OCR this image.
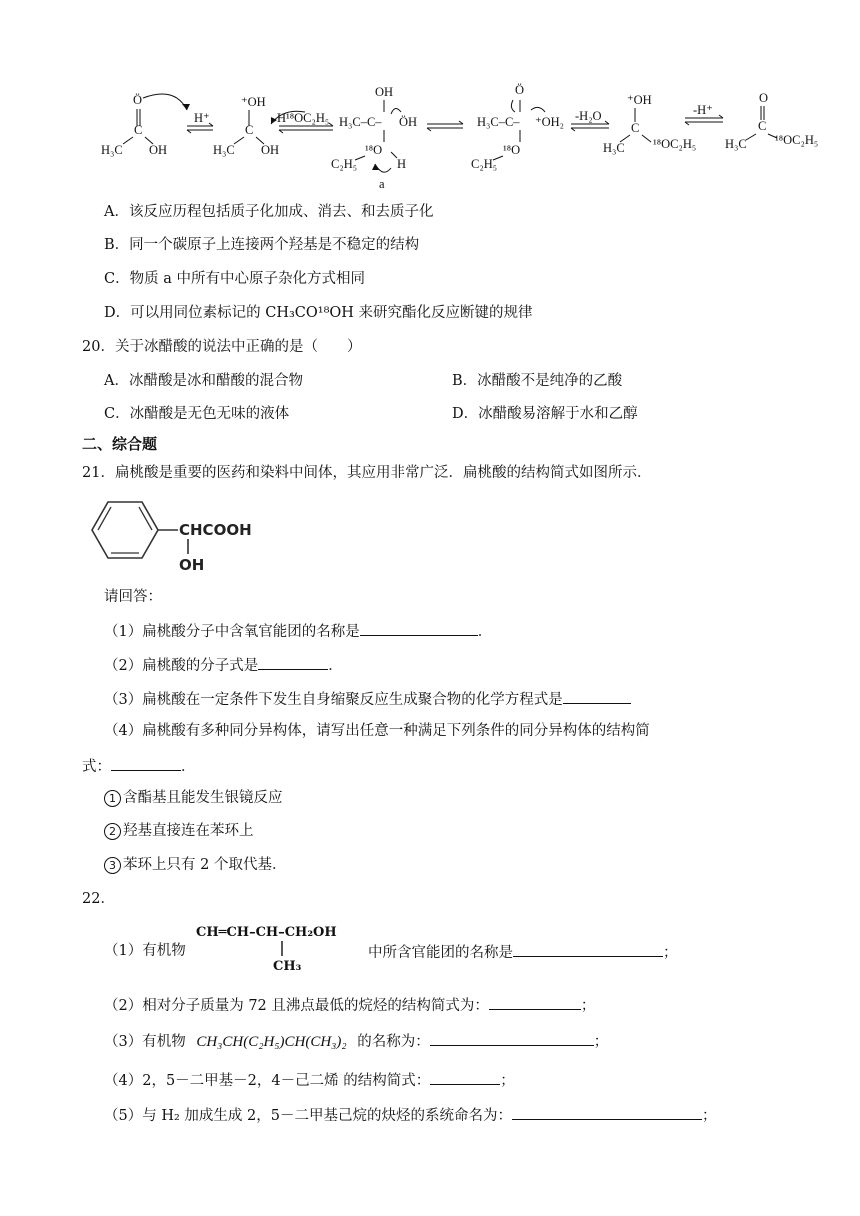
Ö
C
H₃C OH
H⁺
⁺OH
C
H₃C OH
H¹⁸OC₂H₅
OH
H₃C–C– ÖH
¹⁸O
C₂H₅	H
a
Ö
H₃C–C– ⁺OH₂
¹⁸O
C₂H₅
-H₂O
⁺OH
C
H₃C ¹⁸OC₂H₅
-H⁺
O
C
H₃C ¹⁸OC₂H₅
A．该反应历程包括质子化加成、消去、和去质子化
B．同一个碳原子上连接两个羟基是不稳定的结构
C．物质 a 中所有中心原子杂化方式相同
D．可以用同位素标记的 CH₃CO¹⁸OH 来研究酯化反应断键的规律
20．关于冰醋酸的说法中正确的是（　　）
A．冰醋酸是冰和醋酸的混合物	B．冰醋酸不是纯净的乙酸
C．冰醋酸是无色无味的液体	D．冰醋酸易溶解于水和乙醇
二、综合题
21．扁桃酸是重要的医药和染料中间体，其应用非常广泛．扁桃酸的结构简式如图所示．
CHCOOH
OH
请回答：
（1）扁桃酸分子中含氧官能团的名称是	．
（2）扁桃酸的分子式是	．
（3）扁桃酸在一定条件下发生自身缩聚反应生成聚合物的化学方程式是
（4）扁桃酸有多种同分异构体，请写出任意一种满足下列条件的同分异构体的结构简
式：	．
1 含酯基且能发生银镜反应
2 羟基直接连在苯环上
3 苯环上只有 2 个取代基．
22．
（1）有机物
CH═CH–CH–CH₂OH
CH₃
中所含官能团的名称是	；
（2）相对分子质量为 72 且沸点最低的烷烃的结构简式为：	；
（3）有机物 CH₃CH(C₂H₅)CH(CH₃)₂ 的名称为：	；
（4）2，5－二甲基－2，4－己二烯 的结构简式：	；
（5）与 H₂ 加成生成 2，5－二甲基己烷的炔烃的系统命名为：	；
